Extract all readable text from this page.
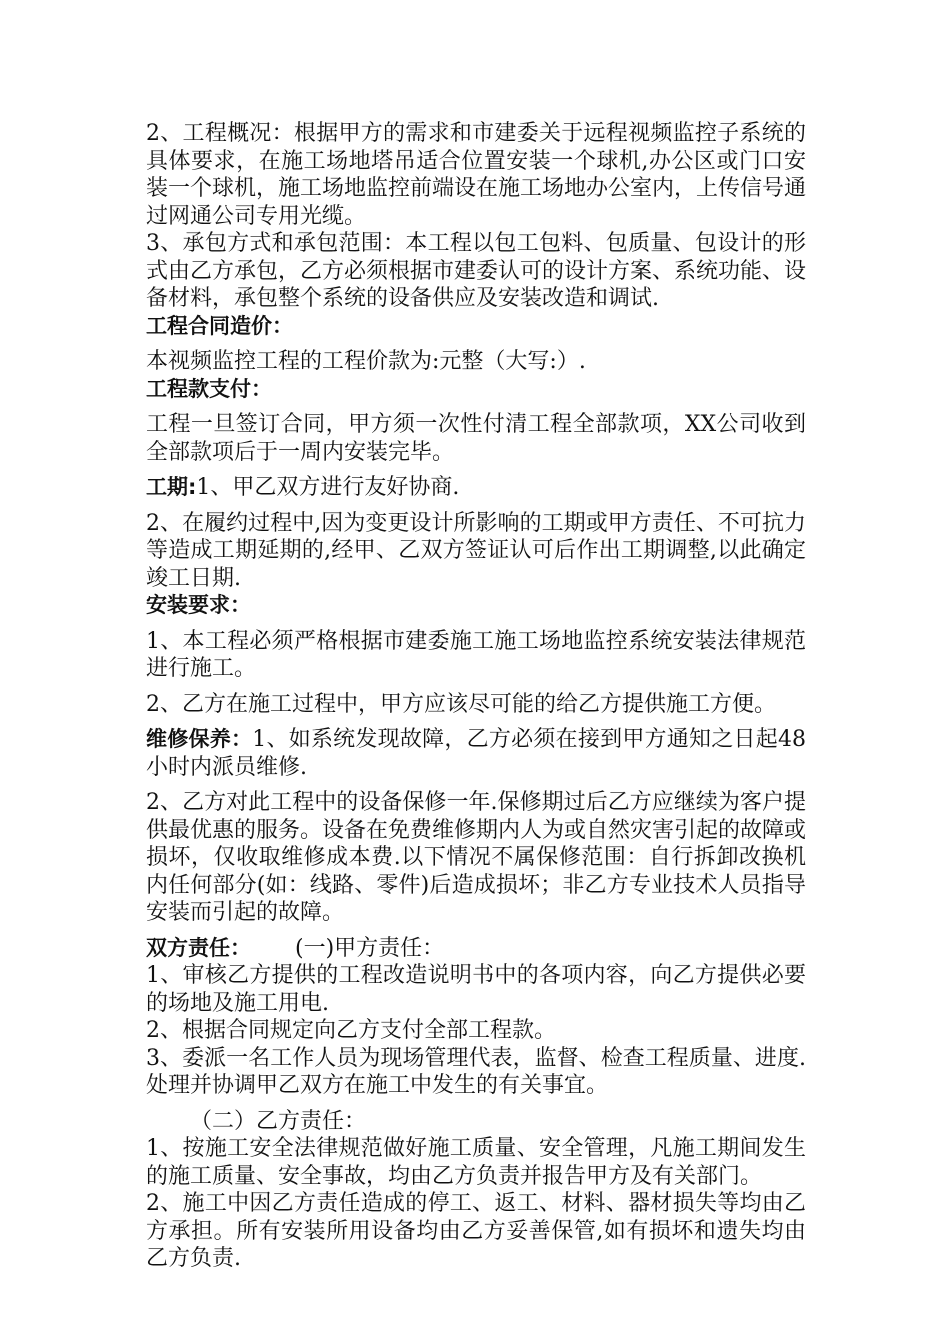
2、工程概况：根据甲方的需求和市建委关于远程视频监控子系统的具体要求，在施工场地塔吊适合位置安装一个球机,办公区或门口安装一个球机，施工场地监控前端设在施工场地办公室内，上传信号通过网通公司专用光缆。

3、承包方式和承包范围：本工程以包工包料、包质量、包设计的形式由乙方承包，乙方必须根据市建委认可的设计方案、系统功能、设备材料，承包整个系统的设备供应及安装改造和调试.

工程合同造价：

本视频监控工程的工程价款为:元整（大写:）.

工程款支付：

工程一旦签订合同，甲方须一次性付清工程全部款项，XX公司收到全部款项后于一周内安装完毕。

工期:1、甲乙双方进行友好协商.

2、在履约过程中,因为变更设计所影响的工期或甲方责任、不可抗力等造成工期延期的,经甲、乙双方签证认可后作出工期调整,以此确定竣工日期.

安装要求：

1、本工程必须严格根据市建委施工施工场地监控系统安装法律规范进行施工。

2、乙方在施工过程中，甲方应该尽可能的给乙方提供施工方便。

维修保养：1、如系统发现故障，乙方必须在接到甲方通知之日起48小时内派员维修.

2、乙方对此工程中的设备保修一年.保修期过后乙方应继续为客户提供最优惠的服务。设备在免费维修期内人为或自然灾害引起的故障或损坏，仅收取维修成本费.以下情况不属保修范围：自行拆卸改换机内任何部分(如：线路、零件)后造成损坏；非乙方专业技术人员指导安装而引起的故障。

双方责任： (一)甲方责任：

1、审核乙方提供的工程改造说明书中的各项内容，向乙方提供必要的场地及施工用电.

2、根据合同规定向乙方支付全部工程款。

3、委派一名工作人员为现场管理代表，监督、检查工程质量、进度.处理并协调甲乙双方在施工中发生的有关事宜。

（二）乙方责任：

1、按施工安全法律规范做好施工质量、安全管理，凡施工期间发生的施工质量、安全事故，均由乙方负责并报告甲方及有关部门。

2、施工中因乙方责任造成的停工、返工、材料、器材损失等均由乙方承担。所有安装所用设备均由乙方妥善保管,如有损坏和遗失均由乙方负责.
